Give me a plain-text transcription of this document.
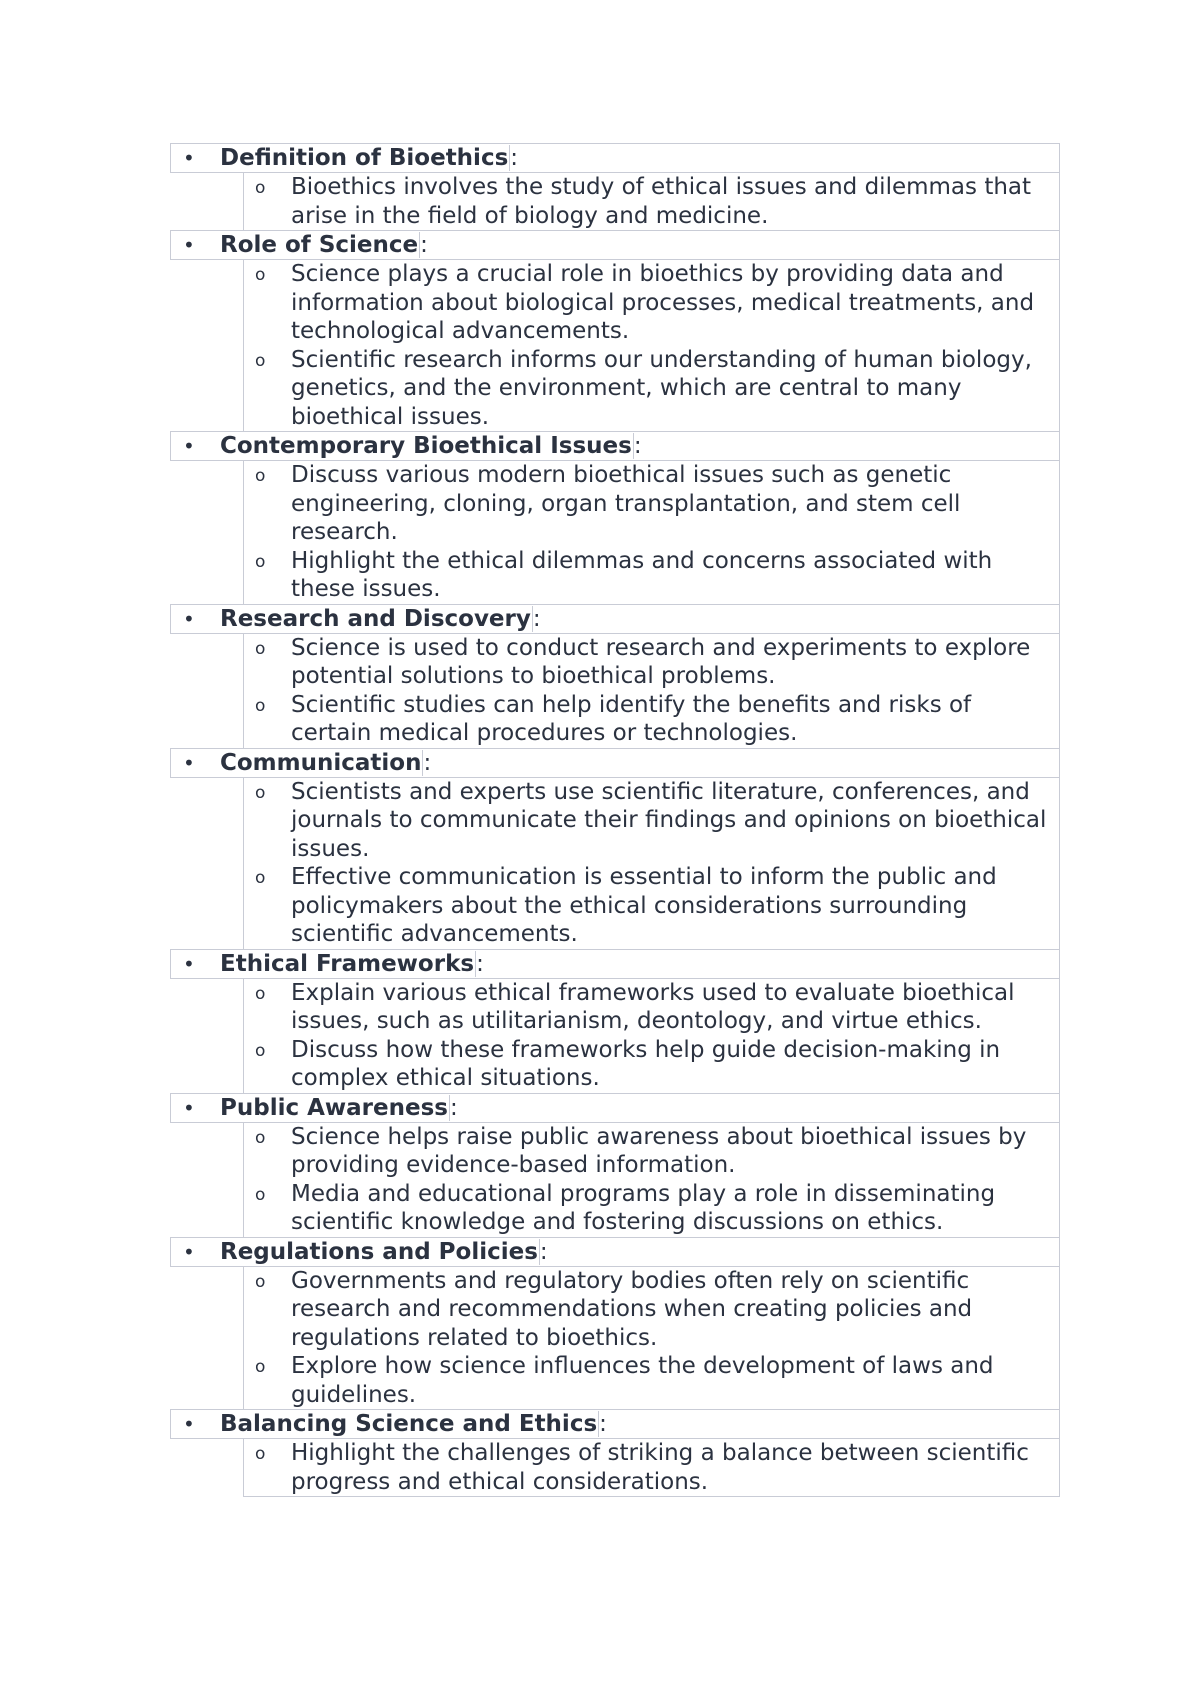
• Definition of Bioethics:
o Bioethics involves the study of ethical issues and dilemmas that arise in the field of biology and medicine.
• Role of Science:
o Science plays a crucial role in bioethics by providing data and information about biological processes, medical treatments, and technological advancements.
o Scientific research informs our understanding of human biology, genetics, and the environment, which are central to many bioethical issues.
• Contemporary Bioethical Issues:
o Discuss various modern bioethical issues such as genetic engineering, cloning, organ transplantation, and stem cell research.
o Highlight the ethical dilemmas and concerns associated with these issues.
• Research and Discovery:
o Science is used to conduct research and experiments to explore potential solutions to bioethical problems.
o Scientific studies can help identify the benefits and risks of certain medical procedures or technologies.
• Communication:
o Scientists and experts use scientific literature, conferences, and journals to communicate their findings and opinions on bioethical issues.
o Effective communication is essential to inform the public and policymakers about the ethical considerations surrounding scientific advancements.
• Ethical Frameworks:
o Explain various ethical frameworks used to evaluate bioethical issues, such as utilitarianism, deontology, and virtue ethics.
o Discuss how these frameworks help guide decision-making in complex ethical situations.
• Public Awareness:
o Science helps raise public awareness about bioethical issues by providing evidence-based information.
o Media and educational programs play a role in disseminating scientific knowledge and fostering discussions on ethics.
• Regulations and Policies:
o Governments and regulatory bodies often rely on scientific research and recommendations when creating policies and regulations related to bioethics.
o Explore how science influences the development of laws and guidelines.
• Balancing Science and Ethics:
o Highlight the challenges of striking a balance between scientific progress and ethical considerations.
